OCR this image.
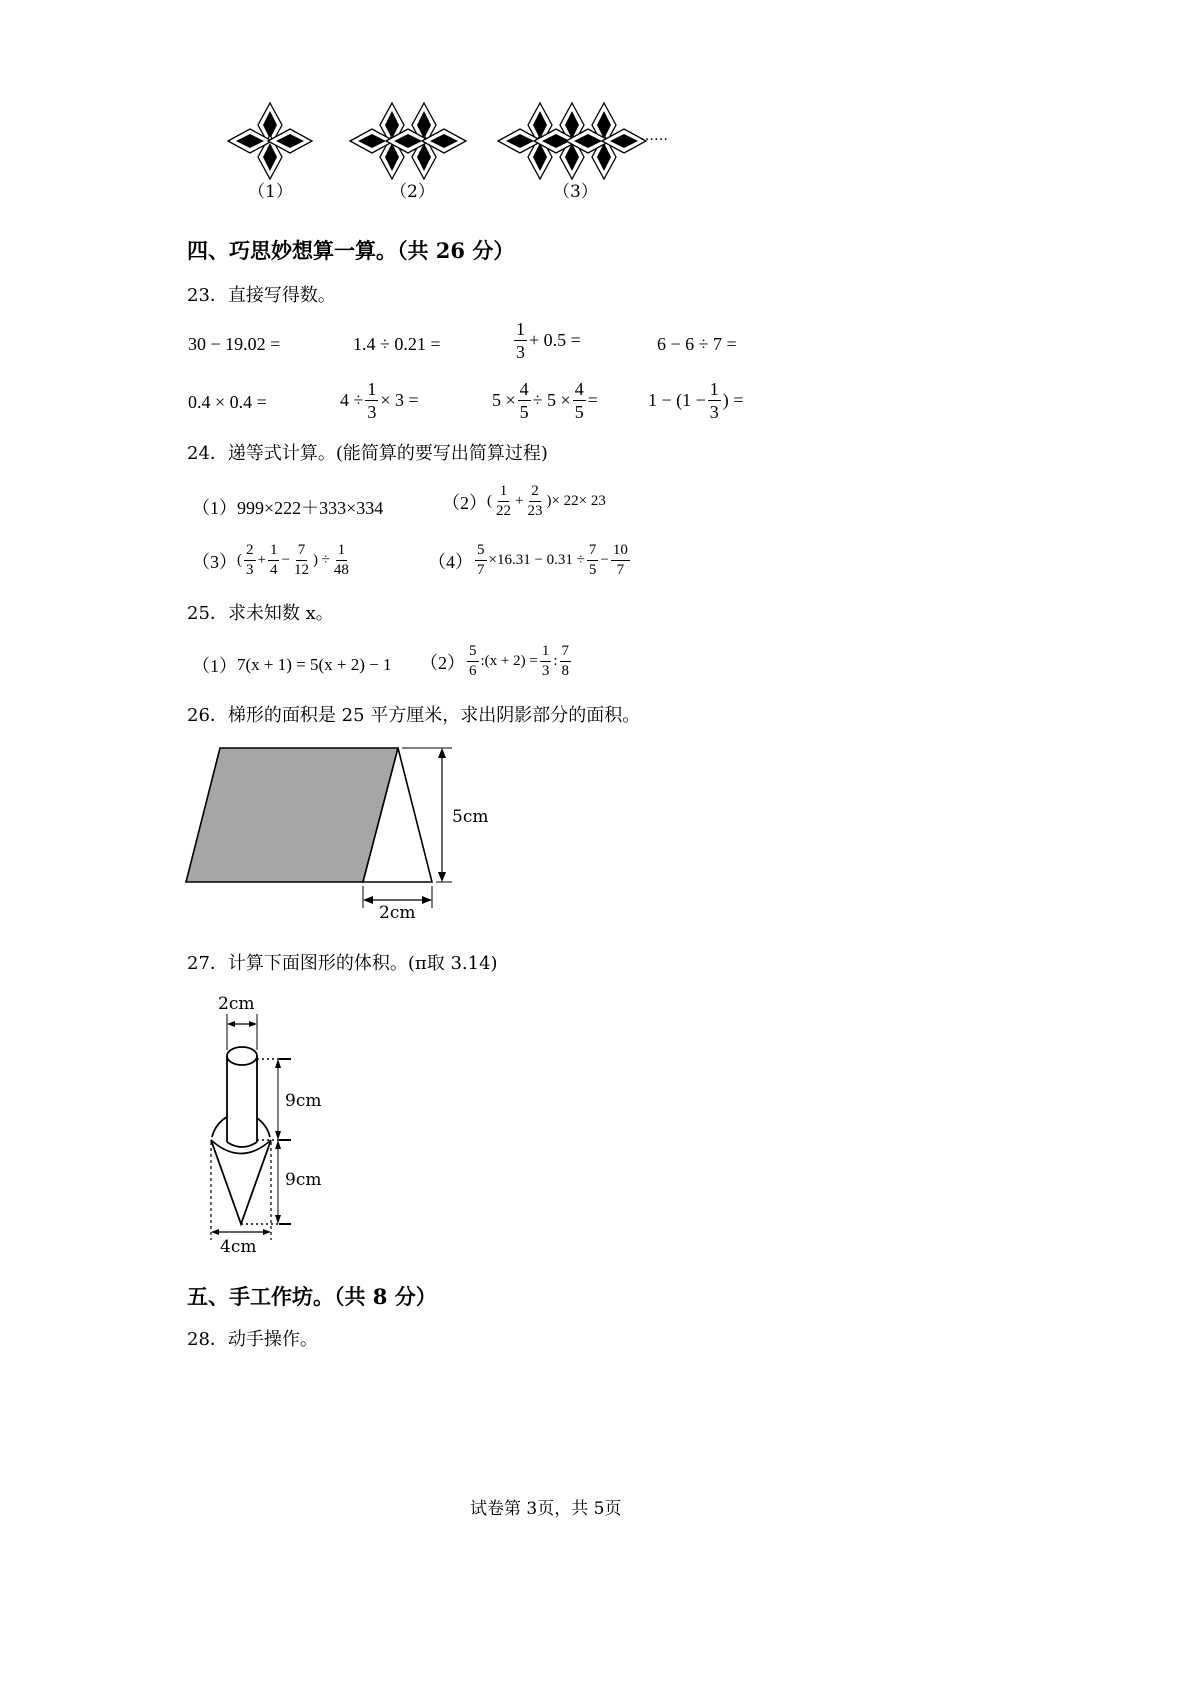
……
（1）	（2）	（3）
四、巧思妙想算一算。（共 26 分）
23．直接写得数。
30 − 19.02 =	1.4 ÷ 0.21 =	$\frac{1}{3} + 0.5$ =	6 − 6 ÷ 7 =
0.4 × 0.4 =	$4 \div \frac{1}{3} \times 3$ =	$5 \times \frac{4}{5} \div 5 \times \frac{4}{5}$ =	$1 - (1 - \frac{1}{3}$ ) =
24．递等式计算。(能简算的要写出简算过程)
（1） 999×222＋333×334	（2） ( $\frac{1}{22} + \frac{2}{23}$ )× 22× 23
（3） ( $\frac{2}{3} + \frac{1}{4} - \frac{7}{12}$ ) ÷ $\frac{1}{48}$	$(4) \frac{5}{7} \times 16.31 - 0.31 \div \frac{7}{5} - \frac{10}{7}$
25．求未知数 x。
（1） 7(x + 1) = 5(x + 2) − 1 $(2) \frac{5}{6}$ :(x + $2) = \frac{1}{3}$ : $\frac{7}{8}$
26．梯形的面积是 25 平方厘米，求出阴影部分的面积。
5cm
2cm
27．计算下面图形的体积。(π取 3.14)
2cm
9cm
9cm
4cm
五、手工作坊。（共 8 分）
28．动手操作。
试卷第 3页，共 5页
